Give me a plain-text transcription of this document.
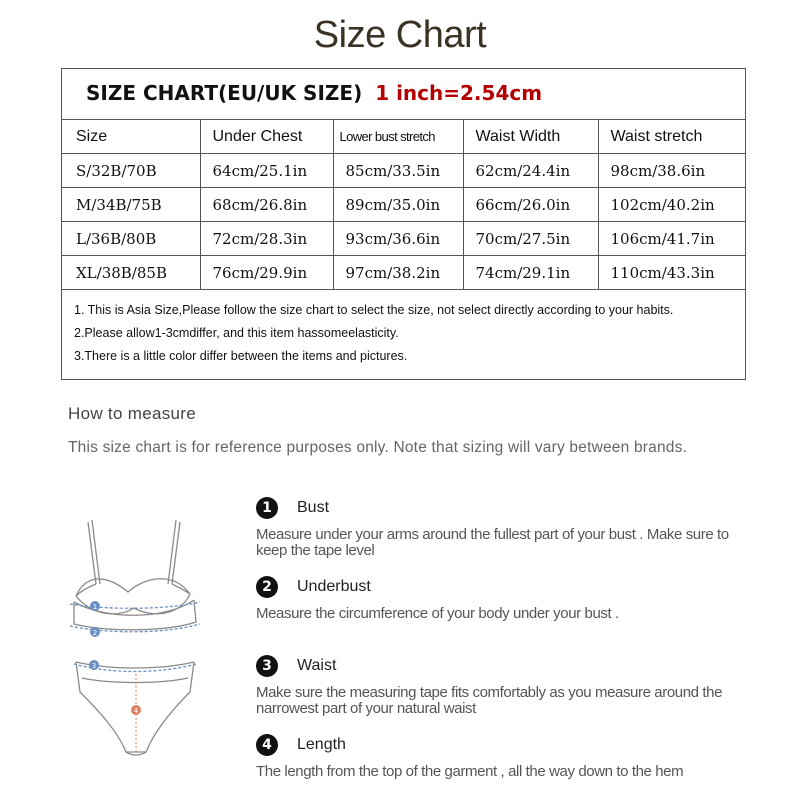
Size Chart
SIZE CHART(EU/UK SIZE) 1 inch=2.54cm
Size	Under Chest	Lower bust stretch	Waist Width	Waist stretch
S/32B/70B	64cm/25.1in	85cm/33.5in	62cm/24.4in	98cm/38.6in
M/34B/75B	68cm/26.8in	89cm/35.0in	66cm/26.0in	102cm/40.2in
L/36B/80B	72cm/28.3in	93cm/36.6in	70cm/27.5in	106cm/41.7in
XL/38B/85B	76cm/29.9in	97cm/38.2in	74cm/29.1in	110cm/43.3in
1. This is Asia Size,Please follow the size chart to select the size, not select directly according to your habits.
2.Please allow1-3cmdiffer, and this item hassomeelasticity.
3.There is a little color differ between the items and pictures.
How to measure
This size chart is for reference purposes only. Note that sizing will vary between brands.
1
2
3
4
1	Bust
Measure under your arms around the fullest part of your bust . Make sure to keep the tape level
2	Underbust
Measure the circumference of your body under your bust .
3	Waist
Make sure the measuring tape fits comfortably as you measure around the narrowest part of your natural waist
4	Length
The length from the top of the garment , all the way down to the hem
